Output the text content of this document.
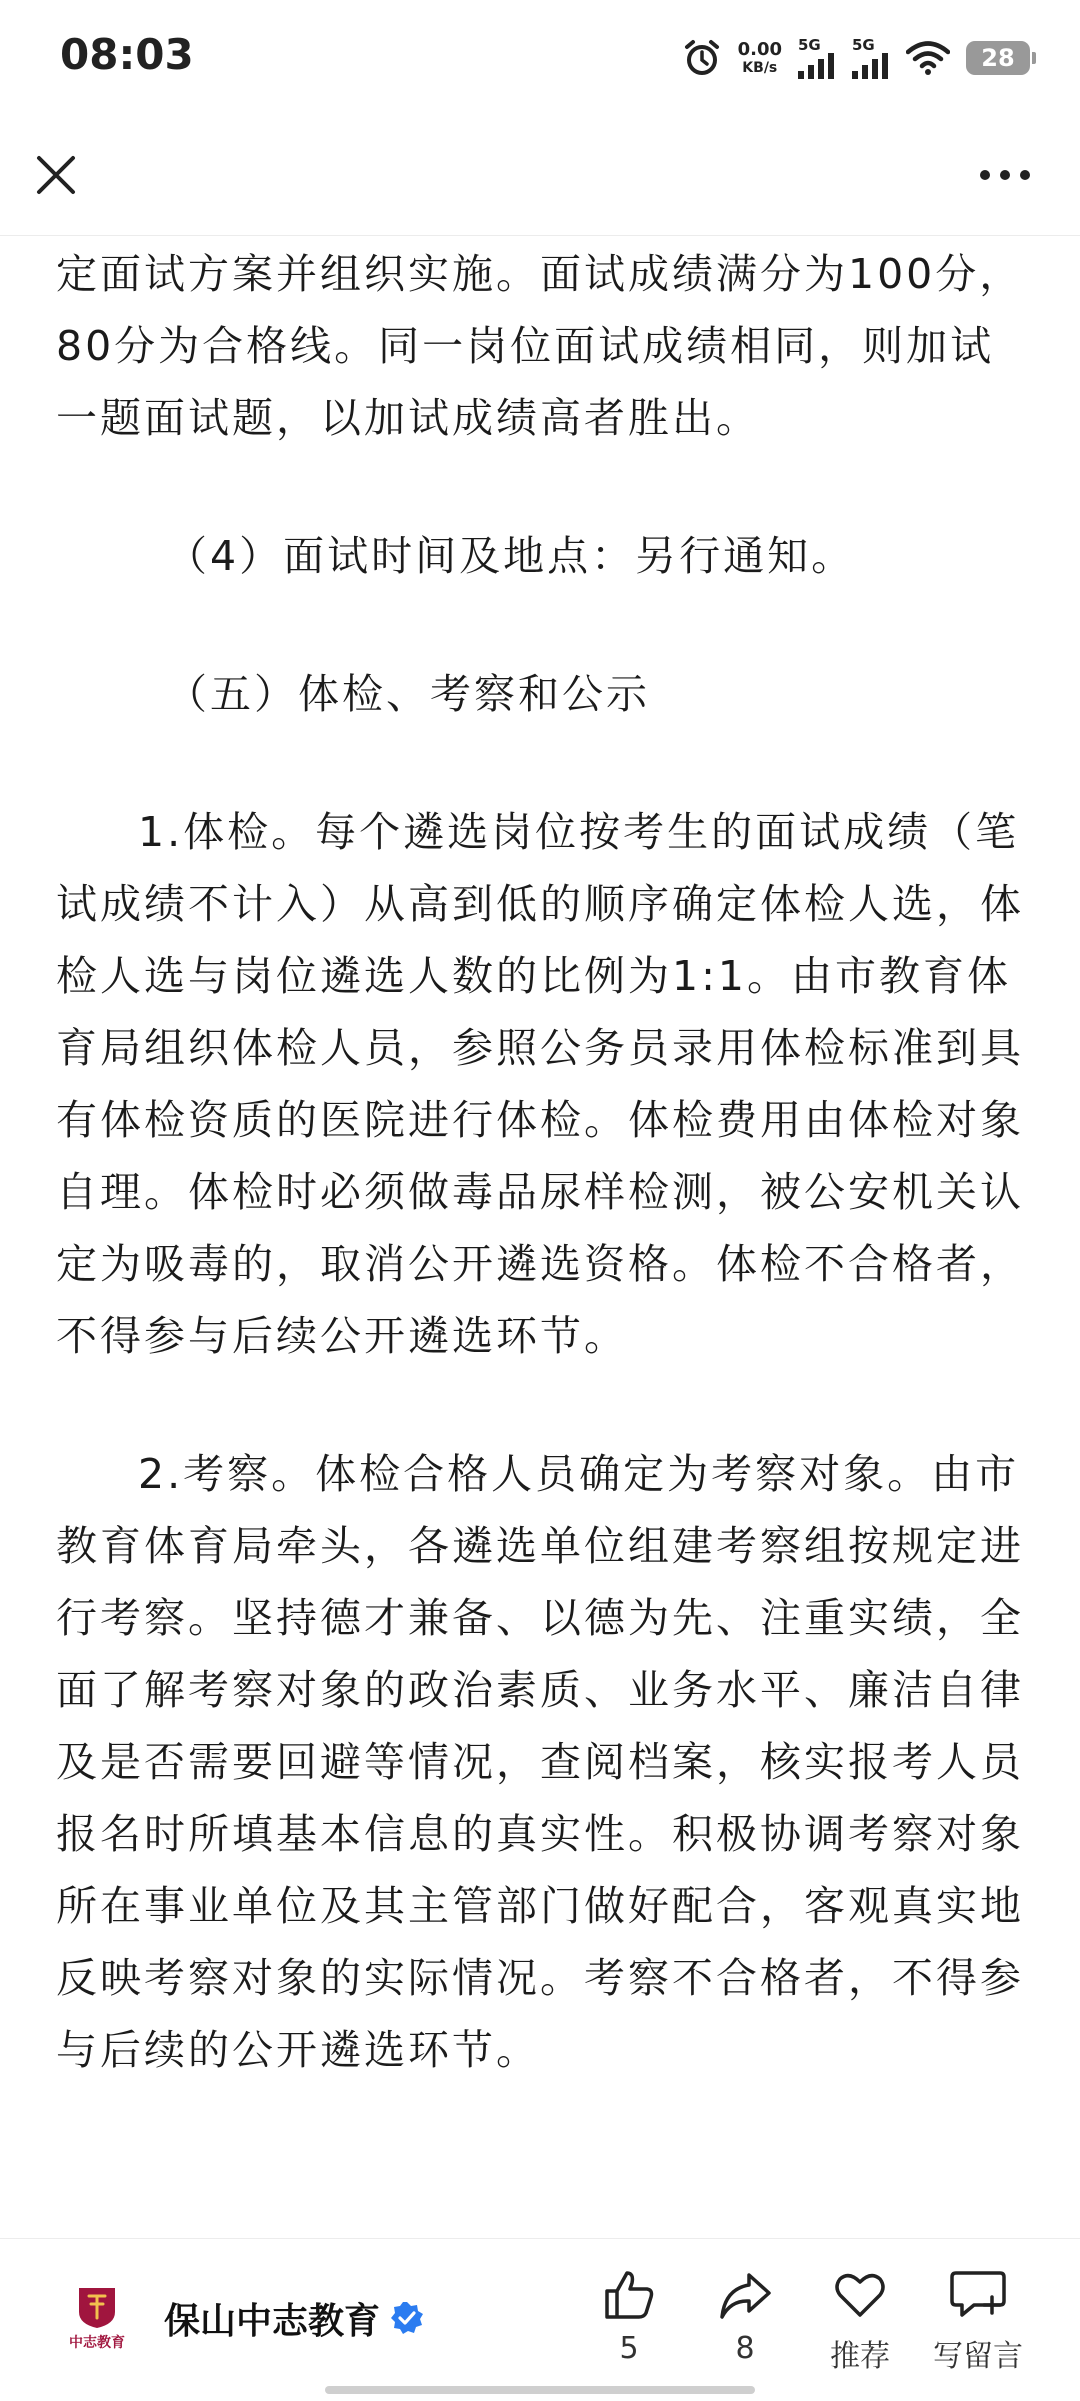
08:03	0.00
KB/s
5G 5G	28

定面试方案并组织实施。面试成绩满分为100分，80分为合格线。同一岗位面试成绩相同，则加试一题面试题，以加试成绩高者胜出。

（4）面试时间及地点：另行通知。

（五）体检、考察和公示

1.体检。每个遴选岗位按考生的面试成绩（笔试成绩不计入）从高到低的顺序确定体检人选，体检人选与岗位遴选人数的比例为1:1。由市教育体育局组织体检人员，参照公务员录用体检标准到具有体检资质的医院进行体检。体检费用由体检对象自理。体检时必须做毒品尿样检测，被公安机关认定为吸毒的，取消公开遴选资格。体检不合格者，不得参与后续公开遴选环节。

2.考察。体检合格人员确定为考察对象。由市教育体育局牵头，各遴选单位组建考察组按规定进行考察。坚持德才兼备、以德为先、注重实绩，全面了解考察对象的政治素质、业务水平、廉洁自律及是否需要回避等情况，查阅档案，核实报考人员报名时所填基本信息的真实性。积极协调考察对象所在事业单位及其主管部门做好配合，客观真实地反映考察对象的实际情况。考察不合格者，不得参与后续的公开遴选环节。

中志教育
保山中志教育
5	8	推荐 写留言
